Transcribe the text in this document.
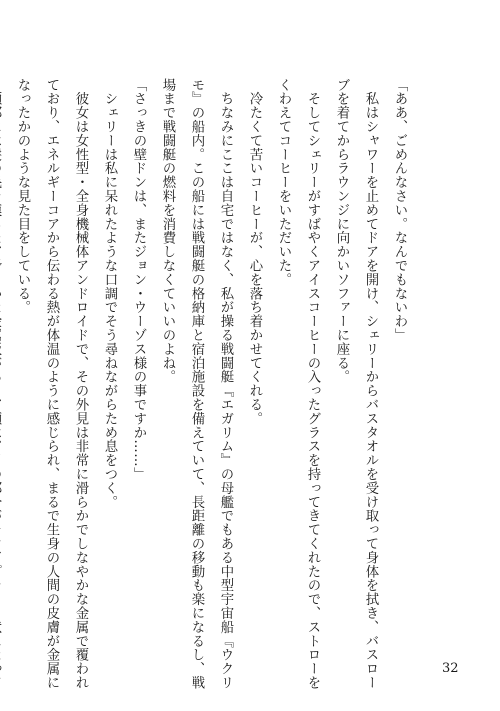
「ああ、ごめんなさい。なんでもないわ」
　私はシャワーを止めてドアを開け、シェリーからバスタオルを受け取って身体を拭き、バスロー
ブを着てからラウンジに向かいソファーに座る。
　そしてシェリーがすばやくアイスコーヒーの入ったグラスを持ってきてくれたので、ストローを
くわえてコーヒーをいただいた。
　冷たくて苦いコーヒーが、心を落ち着かせてくれる。
　ちなみにここは自宅ではなく、私が操る戦闘艇『エガリム』の母艦でもある中型宇宙船『ウクリ
モ』の船内。この船には戦闘艇の格納庫と宿泊施設を備えていて、長距離の移動も楽になるし、戦
場まで戦闘艇の燃料を消費しなくていいのよね。
「さっきの壁ドンは、またジョン・ウーゾス様の事ですか……」
　シェリーは私に呆れたような口調でそう尋ねながらため息をつく。
　彼女は女性型・全身機械体アンドロイドで、その外見は非常に滑らかでしなやかな金属で覆われ
ており、エネルギーコアから伝わる熱が体温のように感じられ、まるで生身の人間の皮膚が金属に
なったかのような見た目をしている。
32
